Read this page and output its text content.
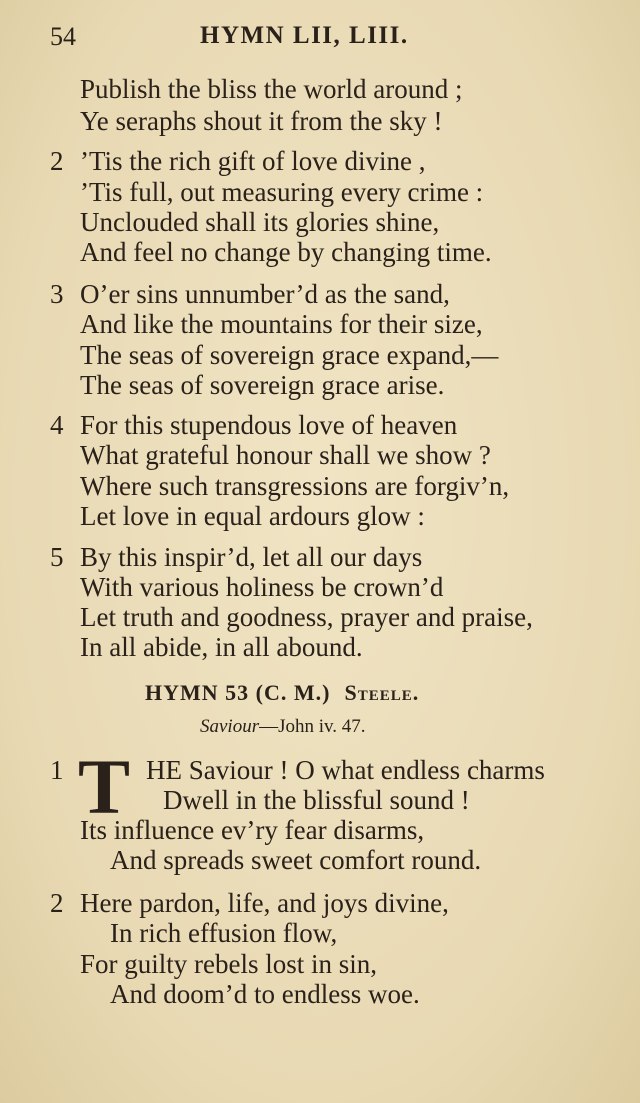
54	HYMN LII, LIII.
Publish the bliss the world around ;
Ye seraphs shout it from the sky !
2 ’Tis the rich gift of love divine ,
’Tis full, out measuring every crime :
Unclouded shall its glories shine,
And feel no change by changing time.
3 O’er sins unnumber’d as the sand,
And like the mountains for their size,
The seas of sovereign grace expand,—
The seas of sovereign grace arise.
4 For this stupendous love of heaven
What grateful honour shall we show ?
Where such transgressions are forgiv’n,
Let love in equal ardours glow :
5 By this inspir’d, let all our days
With various holiness be crown’d
Let truth and goodness, prayer and praise,
In all abide, in all abound.
HYMN 53 (C. M.) Steele.
Saviour—John iv. 47.
1 T HE Saviour ! O what endless charms
Dwell in the blissful sound !
Its influence ev’ry fear disarms,
And spreads sweet comfort round.
2 Here pardon, life, and joys divine,
In rich effusion flow,
For guilty rebels lost in sin,
And doom’d to endless woe.
